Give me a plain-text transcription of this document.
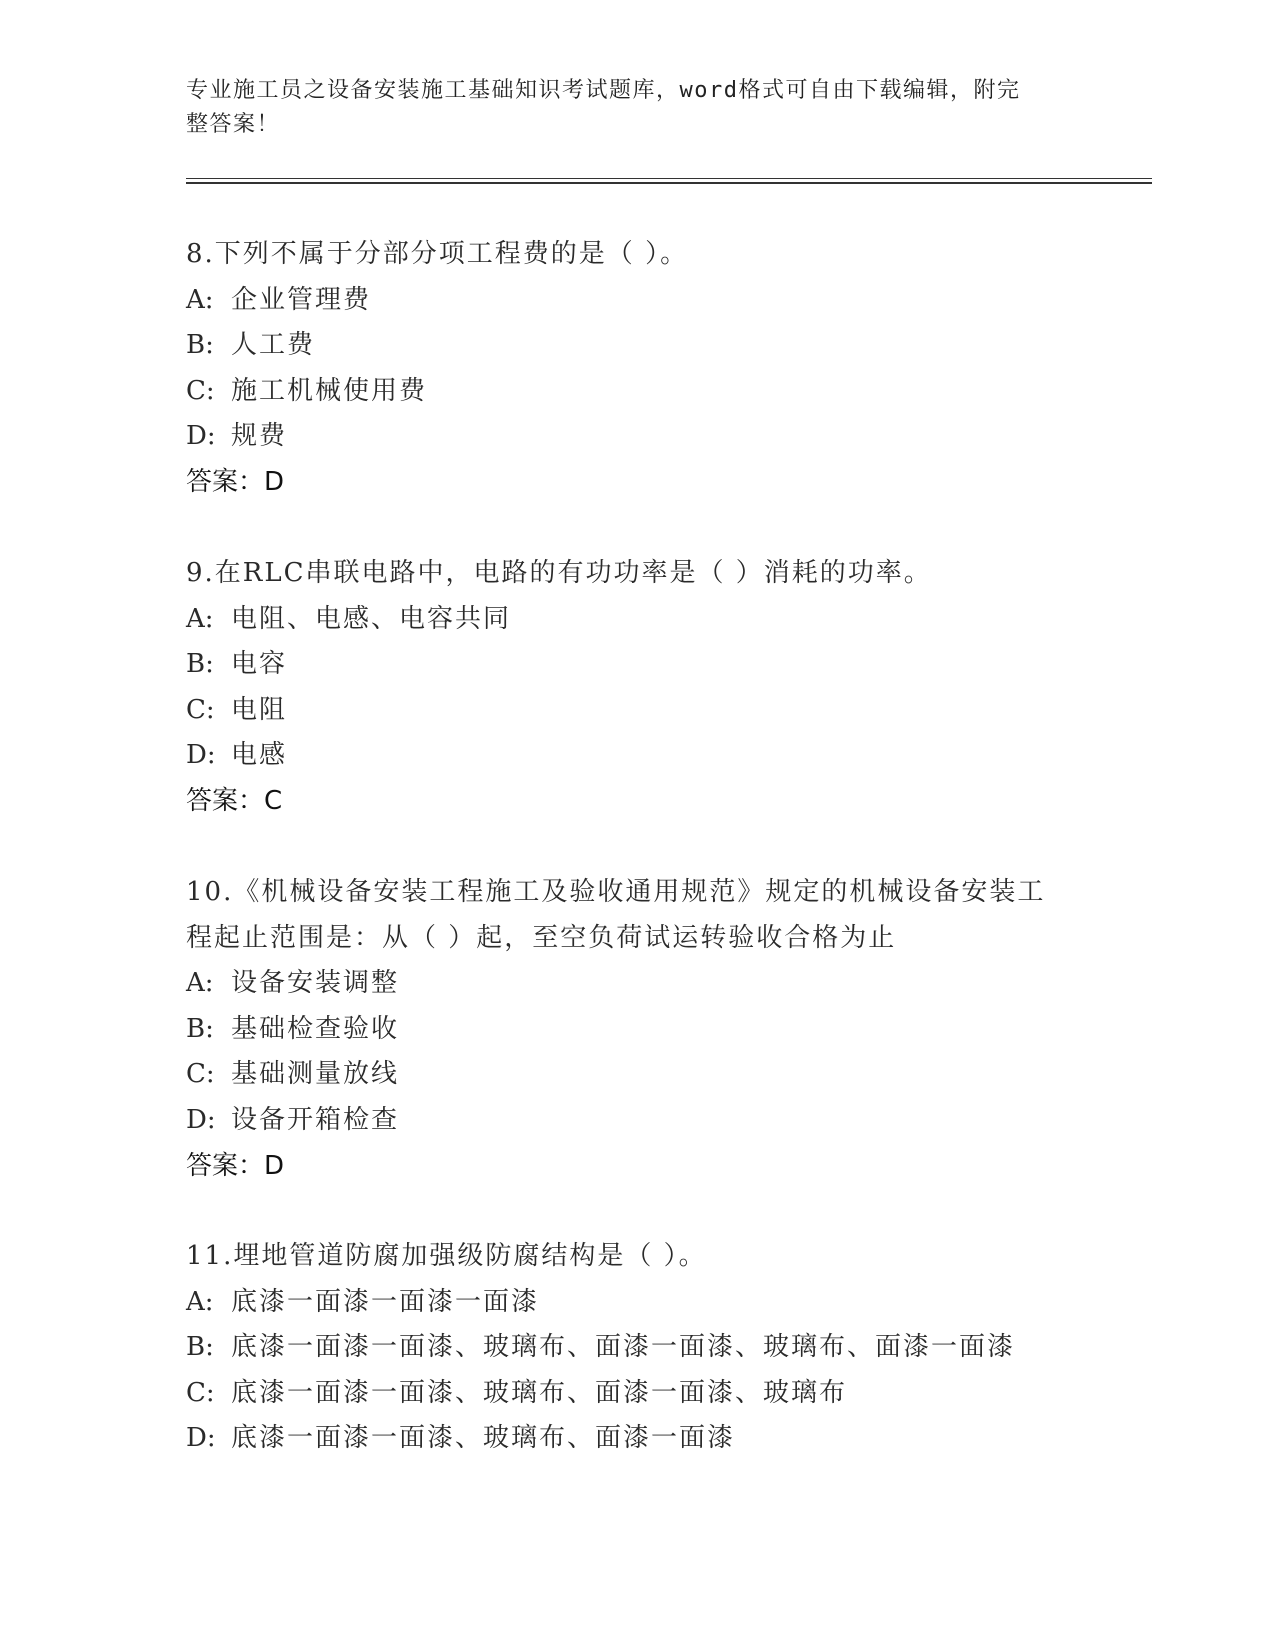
专业施工员之设备安装施工基础知识考试题库，word格式可自由下载编辑，附完
整答案！
8.下列不属于分部分项工程费的是（ ）。
A: 企业管理费
B: 人工费
C: 施工机械使用费
D: 规费
答案：D
9.在RLC串联电路中，电路的有功功率是（ ）消耗的功率。
A: 电阻、电感、电容共同
B: 电容
C: 电阻
D: 电感
答案：C
10.《机械设备安装工程施工及验收通用规范》规定的机械设备安装工
程起止范围是：从（ ）起，至空负荷试运转验收合格为止
A: 设备安装调整
B: 基础检查验收
C: 基础测量放线
D: 设备开箱检查
答案：D
11.埋地管道防腐加强级防腐结构是（ ）。
A: 底漆一面漆一面漆一面漆
B: 底漆一面漆一面漆、玻璃布、面漆一面漆、玻璃布、面漆一面漆
C: 底漆一面漆一面漆、玻璃布、面漆一面漆、玻璃布
D: 底漆一面漆一面漆、玻璃布、面漆一面漆
